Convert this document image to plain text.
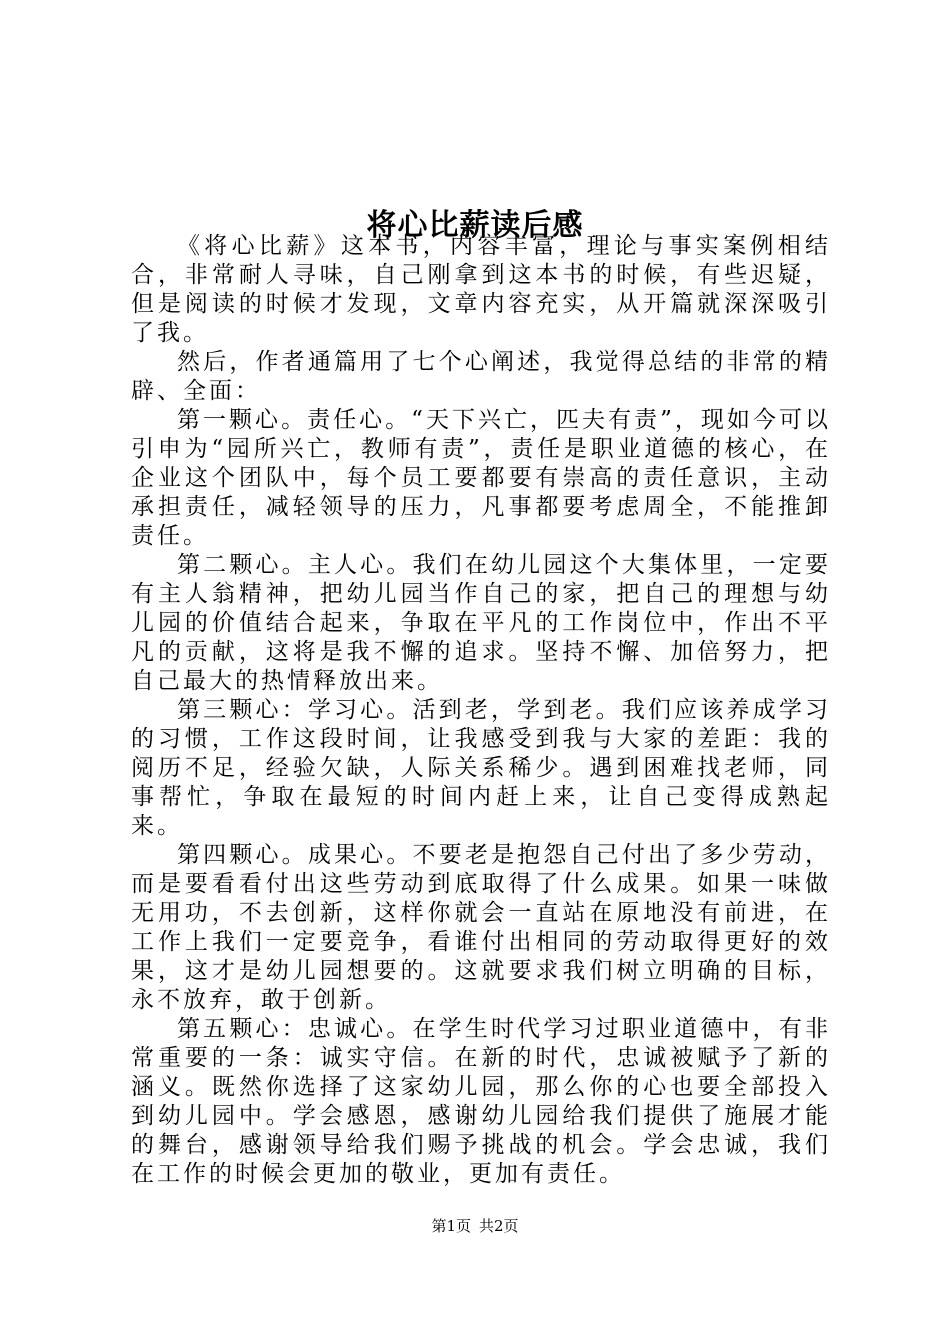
将心比薪读后感

《将心比薪》这本书，内容丰富，理论与事实案例相结合，非常耐人寻味，自己刚拿到这本书的时候，有些迟疑，但是阅读的时候才发现，文章内容充实，从开篇就深深吸引了我。

然后，作者通篇用了七个心阐述，我觉得总结的非常的精辟、全面：

第一颗心。责任心。“天下兴亡，匹夫有责”，现如今可以引申为“园所兴亡，教师有责”，责任是职业道德的核心，在企业这个团队中，每个员工要都要有崇高的责任意识，主动承担责任，减轻领导的压力，凡事都要考虑周全，不能推卸责任。

第二颗心。主人心。我们在幼儿园这个大集体里，一定要有主人翁精神，把幼儿园当作自己的家，把自己的理想与幼儿园的价值结合起来，争取在平凡的工作岗位中，作出不平凡的贡献，这将是我不懈的追求。坚持不懈、加倍努力，把自己最大的热情释放出来。

第三颗心：学习心。活到老，学到老。我们应该养成学习的习惯，工作这段时间，让我感受到我与大家的差距：我的阅历不足，经验欠缺，人际关系稀少。遇到困难找老师，同事帮忙，争取在最短的时间内赶上来，让自己变得成熟起来。

第四颗心。成果心。不要老是抱怨自己付出了多少劳动，而是要看看付出这些劳动到底取得了什么成果。如果一味做无用功，不去创新，这样你就会一直站在原地没有前进，在工作上我们一定要竞争，看谁付出相同的劳动取得更好的效果，这才是幼儿园想要的。这就要求我们树立明确的目标，永不放弃，敢于创新。

第五颗心：忠诚心。在学生时代学习过职业道德中，有非常重要的一条：诚实守信。在新的时代，忠诚被赋予了新的涵义。既然你选择了这家幼儿园，那么你的心也要全部投入到幼儿园中。学会感恩，感谢幼儿园给我们提供了施展才能的舞台，感谢领导给我们赐予挑战的机会。学会忠诚，我们在工作的时候会更加的敬业，更加有责任。

第1页 共2页
